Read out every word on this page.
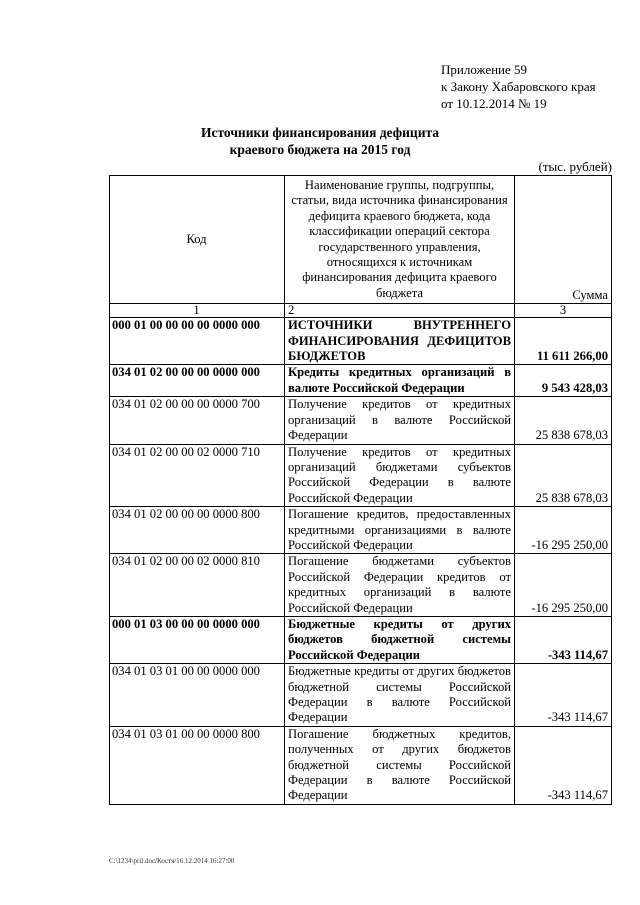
Приложение 59
к Закону Хабаровского края
от 10.12.2014 № 19
Источники финансирования дефицита
краевого бюджета на 2015 год
(тыс. рублей)
Код	Наименование группы, подгруппы, статьи, вида источника финансирования дефицита краевого бюджета, кода классификации операций сектора государственного управления, относящихся к источникам финансирования дефицита краевого бюджета	Сумма
1	2	3
000 01 00 00 00 00 0000 000	ИСТОЧНИКИ ВНУТРЕННЕГО ФИНАНСИРОВАНИЯ ДЕФИЦИТОВ БЮДЖЕТОВ	11 611 266,00
034 01 02 00 00 00 0000 000	Кредиты кредитных организаций в валюте Российской Федерации	9 543 428,03
034 01 02 00 00 00 0000 700	Получение кредитов от кредитных организаций в валюте Российской Федерации	25 838 678,03
034 01 02 00 00 02 0000 710	Получение кредитов от кредитных организаций бюджетами субъектов Российской Федерации в валюте Российской Федерации	25 838 678,03
034 01 02 00 00 00 0000 800	Погашение кредитов, предоставленных кредитными организациями в валюте Российской Федерации	-16 295 250,00
034 01 02 00 00 02 0000 810	Погашение бюджетами субъектов Российской Федерации кредитов от кредитных организаций в валюте Российской Федерации	-16 295 250,00
000 01 03 00 00 00 0000 000	Бюджетные кредиты от других бюджетов бюджетной системы Российской Федерации	-343 114,67
034 01 03 01 00 00 0000 000	Бюджетные кредиты от других бюджетов бюджетной системы Российской Федерации в валюте Российской Федерации	-343 114,67
034 01 03 01 00 00 0000 800	Погашение бюджетных кредитов, полученных от других бюджетов бюджетной системы Российской Федерации в валюте Российской Федерации	-343 114,67
C:\1234\pril.doc/Костя/16.12.2014 16:27:00
